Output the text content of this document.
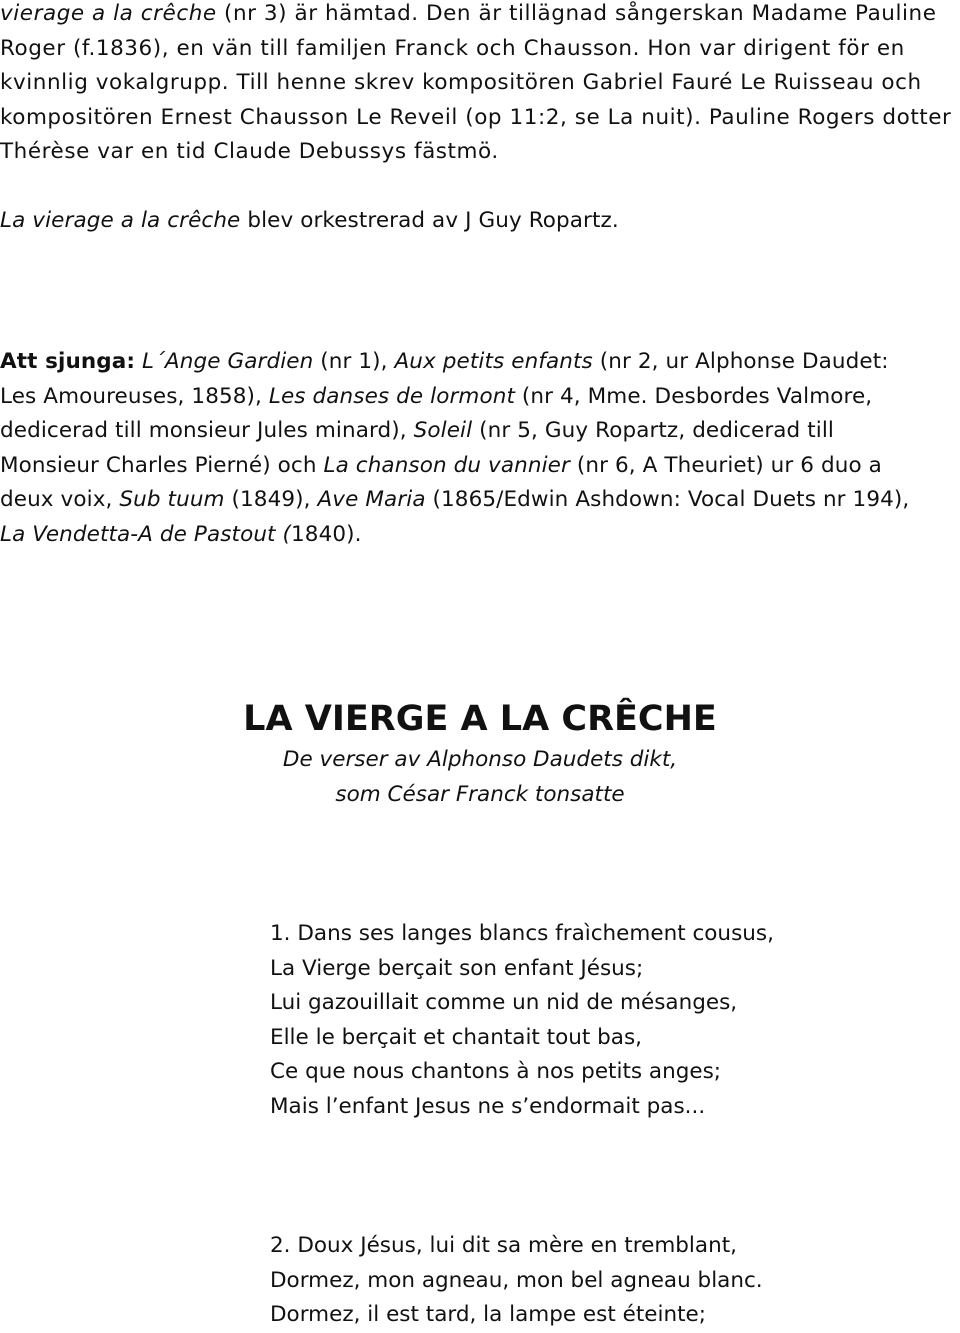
vierage a la crêche (nr 3) är hämtad. Den är tillägnad sångerskan Madame Pauline
Roger (f.1836), en vän till familjen Franck och Chausson. Hon var dirigent för en
kvinnlig vokalgrupp. Till henne skrev kompositören Gabriel Fauré Le Ruisseau och
kompositören Ernest Chausson Le Reveil (op 11:2, se La nuit). Pauline Rogers dotter
Thérèse var en tid Claude Debussys fästmö.

La vierage a la crêche blev orkestrerad av J Guy Ropartz.

Att sjunga: L´Ange Gardien (nr 1), Aux petits enfants (nr 2, ur Alphonse Daudet:
Les Amoureuses, 1858), Les danses de lormont (nr 4, Mme. Desbordes Valmore,
dedicerad till monsieur Jules minard), Soleil (nr 5, Guy Ropartz, dedicerad till
Monsieur Charles Pierné) och La chanson du vannier (nr 6, A Theuriet) ur 6 duo a
deux voix, Sub tuum (1849), Ave Maria (1865/Edwin Ashdown: Vocal Duets nr 194),
La Vendetta-A de Pastout (1840).

LA VIERGE A LA CRÊCHE
De verser av Alphonso Daudets dikt,
som César Franck tonsatte

1. Dans ses langes blancs fraìchement cousus,
La Vierge berçait son enfant Jésus;
Lui gazouillait comme un nid de mésanges,
Elle le berçait et chantait tout bas,
Ce que nous chantons à nos petits anges;
Mais l’enfant Jesus ne s’endormait pas...

2. Doux Jésus, lui dit sa mère en tremblant,
Dormez, mon agneau, mon bel agneau blanc.
Dormez, il est tard, la lampe est éteinte;
